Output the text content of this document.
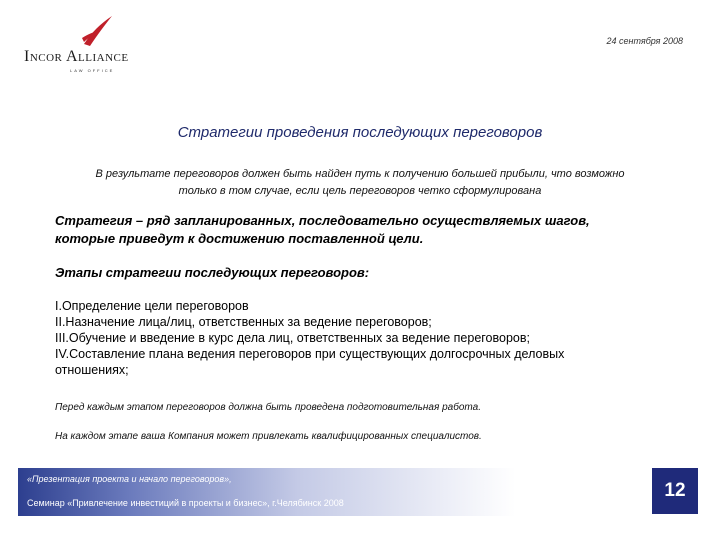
Incor Alliance
LAW OFFICE
24 сентября 2008
Стратегии проведения последующих переговоров
В результате переговоров должен быть найден путь к получению большей прибыли, что возможно
только в том случае, если цель переговоров четко сформулирована
Стратегия – ряд запланированных, последовательно осуществляемых шагов,
которые приведут к достижению поставленной цели.
Этапы стратегии последующих переговоров:
I.Определение цели переговоров
II.Назначение лица/лиц, ответственных за ведение переговоров;
III.Обучение и введение в курс дела лиц, ответственных за ведение переговоров;
IV.Составление плана ведения переговоров при существующих долгосрочных деловых
отношениях;
Перед каждым этапом переговоров должна быть проведена подготовительная работа.
На каждом этапе ваша Компания может привлекать квалифицированных специалистов.
«Презентация проекта и начало переговоров»,
Семинар «Привлечение инвестиций в проекты и бизнес», г.Челябинск 2008
12
